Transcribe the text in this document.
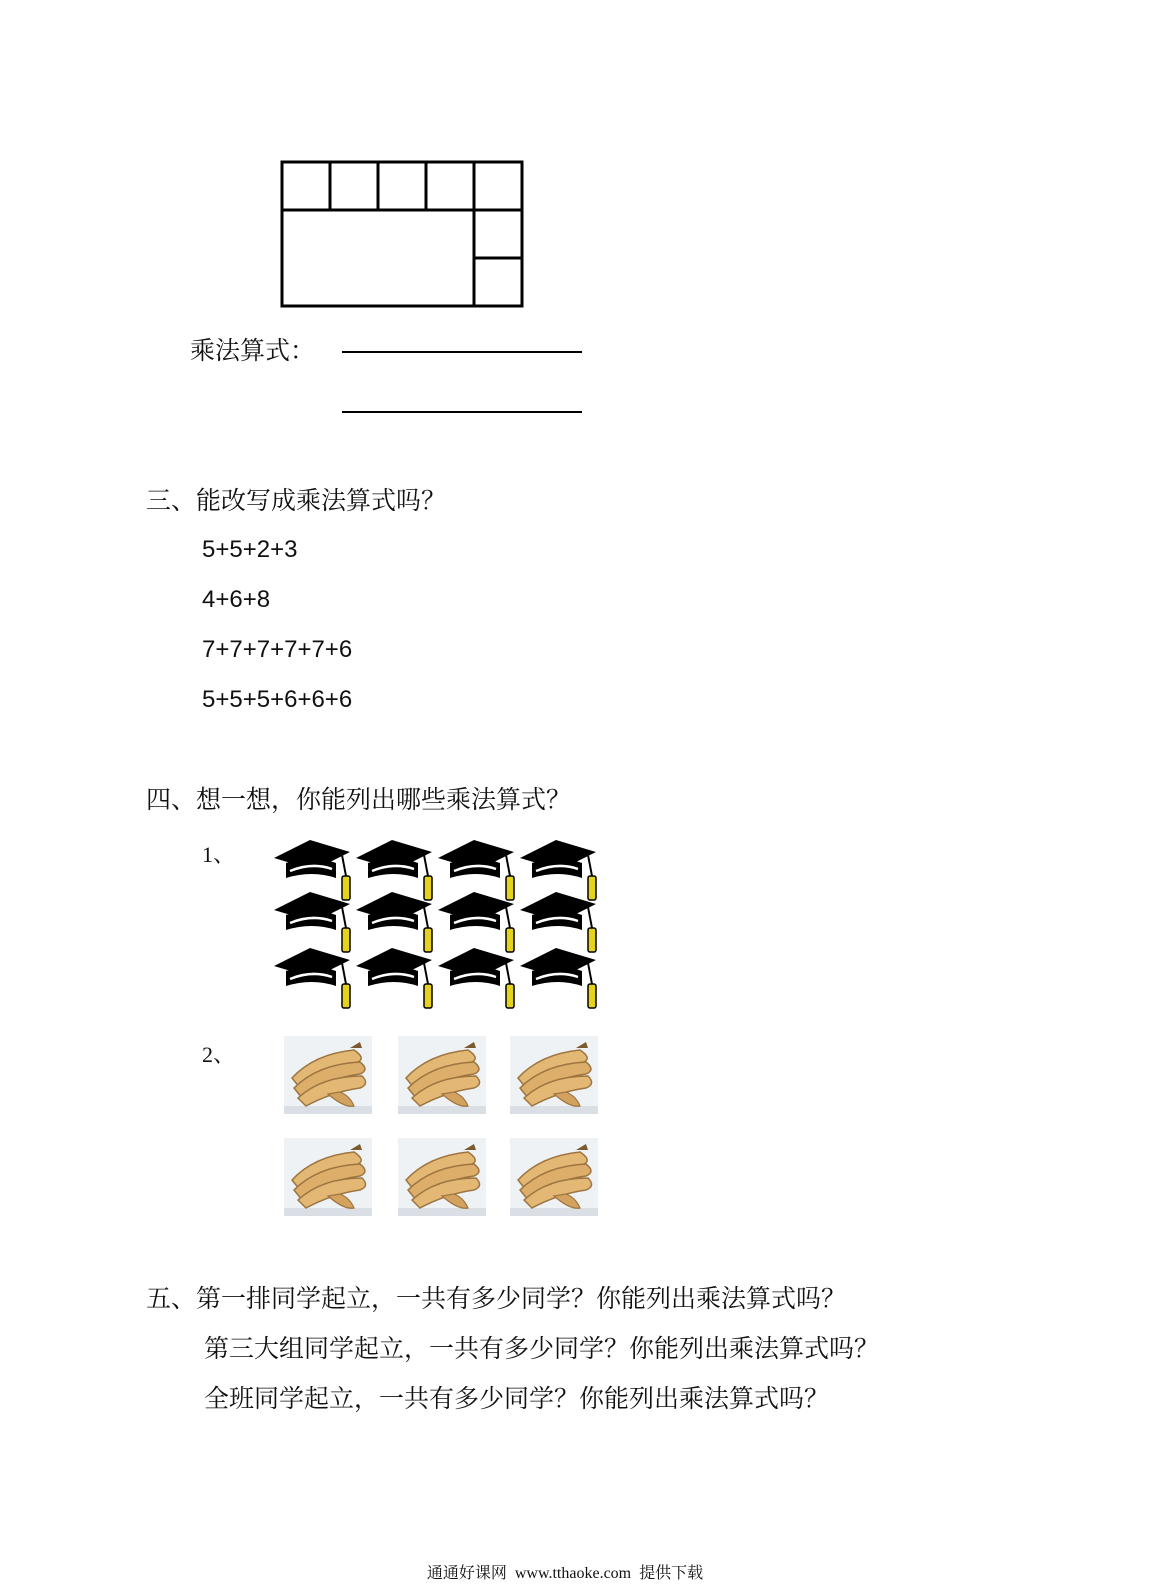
乘法算式：
三、能改写成乘法算式吗？
5+5+2+3
4+6+8
7+7+7+7+7+6
5+5+5+6+6+6
四、想一想，你能列出哪些乘法算式？
1、
2、
五、第一排同学起立，一共有多少同学？你能列出乘法算式吗？
第三大组同学起立，一共有多少同学？你能列出乘法算式吗？
全班同学起立，一共有多少同学？你能列出乘法算式吗？
通通好课网  www.tthaoke.com  提供下载
